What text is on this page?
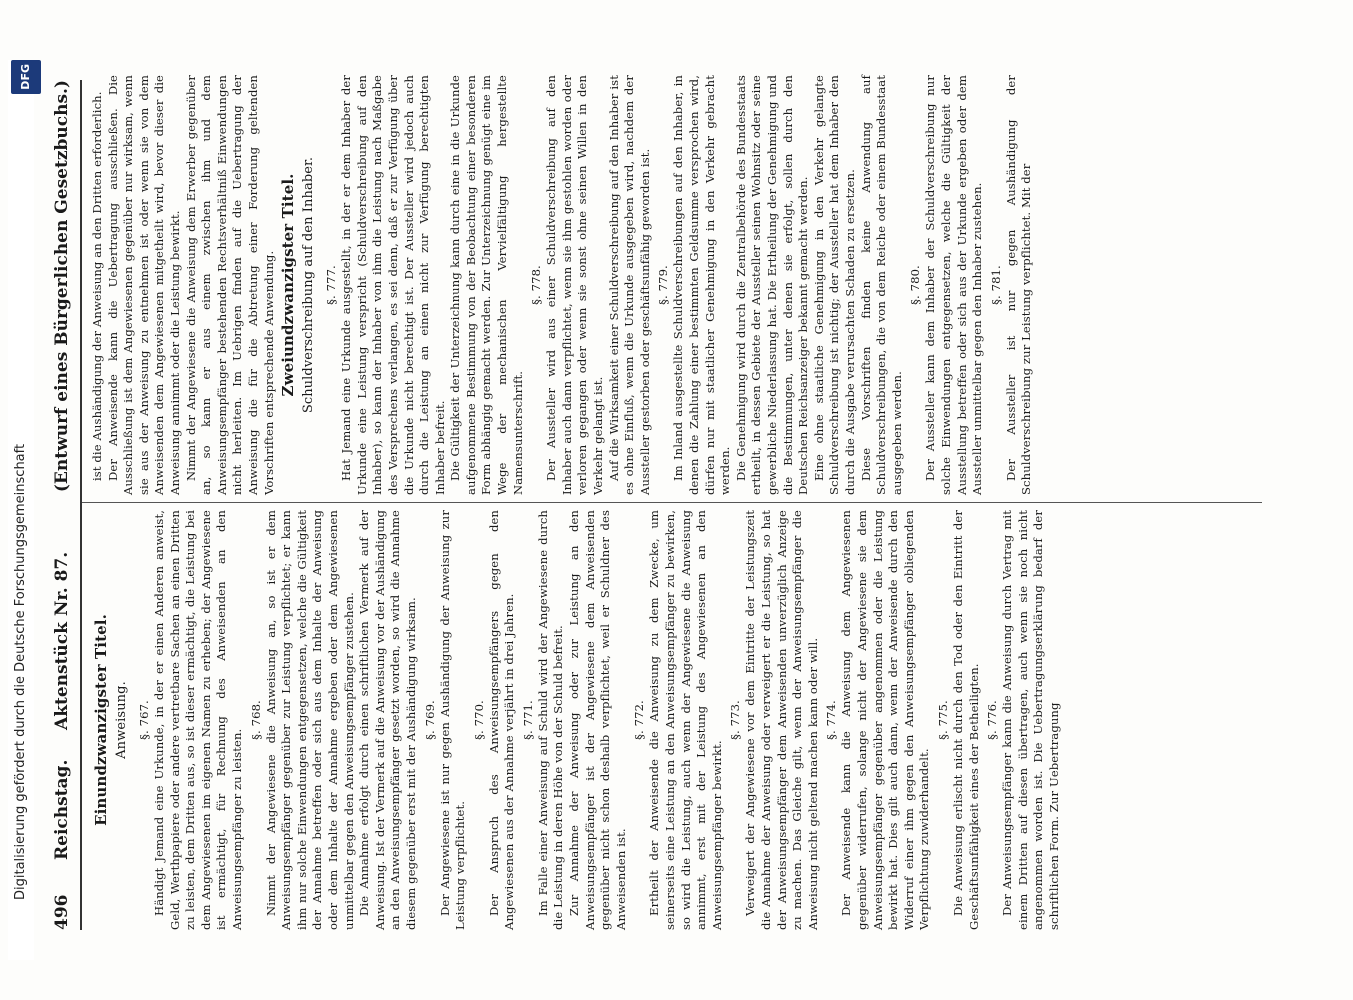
Digitalisierung gefördert durch die Deutsche Forschungsgemeinschaft
DFG
496
Reichstag.
Aktenstück Nr. 87.
(Entwurf eines Bürgerlichen Gesetzbuchs.)
Einundzwanzigster Titel. Anweisung. §. 767. Händigt Jemand eine Urkunde, in der er einen Anderen anweist, Geld, Werthpapiere oder andere vertretbare Sachen an einen Dritten zu leisten, dem Dritten aus, so ist dieser ermächtigt, die Leistung bei dem Angewiesenen im eigenen Namen zu erheben; der Angewiesene ist ermächtigt, für Rechnung des Anweisenden an den Anweisungsempfänger zu leisten.

§. 768. Nimmt der Angewiesene die Anweisung an, so ist er dem Anweisungsempfänger gegenüber zur Leistung verpflichtet; er kann ihm nur solche Einwendungen entgegensetzen, welche die Gültigkeit der Annahme betreffen oder sich aus dem Inhalte der Anweisung oder dem Inhalte der Annahme ergeben oder dem Angewiesenen unmittelbar gegen den Anweisungsempfänger zustehen. Die Annahme erfolgt durch einen schriftlichen Vermerk auf der Anweisung. Ist der Vermerk auf die Anweisung vor der Aushändigung an den Anweisungsempfänger gesetzt worden, so wird die Annahme diesem gegenüber erst mit der Aushändigung wirksam. §. 769. Der Angewiesene ist nur gegen Aushändigung der Anweisung zur Leistung verpflichtet.

§. 770. Der Anspruch des Anweisungsempfängers gegen den Angewiesenen aus der Annahme verjährt in drei Jahren. §. 771. Im Falle einer Anweisung auf Schuld wird der Angewiesene durch die Leistung in deren Höhe von der Schuld befreit. Zur Annahme der Anweisung oder zur Leistung an den Anweisungsempfänger ist der Angewiesene dem Anweisenden gegenüber nicht schon deshalb verpflichtet, weil er Schuldner des Anweisenden ist.

§. 772. Ertheilt der Anweisende die Anweisung zu dem Zwecke, um seinerseits eine Leistung an den Anweisungsempfänger zu bewirken, so wird die Leistung, auch wenn der Angewiesene die Anweisung annimmt, erst mit der Leistung des Angewiesenen an den Anweisungsempfänger bewirkt.

§. 773. Verweigert der Angewiesene vor dem Eintritte der Leistungszeit die Annahme der Anweisung oder verweigert er die Leistung, so hat der Anweisungsempfänger dem Anweisenden unverzüglich Anzeige zu machen. Das Gleiche gilt, wenn der Anweisungsempfänger die Anweisung nicht geltend machen kann oder will. §. 774. Der Anweisende kann die Anweisung dem Angewiesenen gegenüber widerrufen, solange nicht der Angewiesene sie dem Anweisungsempfänger gegenüber angenommen oder die Leistung bewirkt hat. Dies gilt auch dann, wenn der Anweisende durch den Widerruf einer ihm gegen den Anweisungsempfänger obliegenden Verpflichtung zuwiderhandelt.

§. 775. Die Anweisung erlischt nicht durch den Tod oder den Eintritt der Geschäftsunfähigkeit eines der Betheiligten. §. 776. Der Anweisungsempfänger kann die Anweisung durch Vertrag mit einem Dritten auf diesen übertragen, auch wenn sie noch nicht angenommen worden ist. Die Uebertragungserklärung bedarf der schriftlichen Form. Zur Uebertragung

ist die Aushändigung der Anweisung an den Dritten erforderlich. Der Anweisende kann die Uebertragung ausschließen. Die Ausschließung ist dem Angewiesenen gegenüber nur wirksam, wenn sie aus der Anweisung zu entnehmen ist oder wenn sie von dem Anweisenden dem Angewiesenen mitgetheilt wird, bevor dieser die Anweisung annimmt oder die Leistung bewirkt. Nimmt der Angewiesene die Anweisung dem Erwerber gegenüber an, so kann er aus einem zwischen ihm und dem Anweisungsempfänger bestehenden Rechtsverhältniß Einwendungen nicht herleiten. Im Uebrigen finden auf die Uebertragung der Anweisung die für die Abtretung einer Forderung geltenden Vorschriften entsprechende Anwendung. Zweiundzwanzigster Titel. Schuldverschreibung auf den Inhaber. §. 777. Hat Jemand eine Urkunde ausgestellt, in der er dem Inhaber der Urkunde eine Leistung verspricht (Schuldverschreibung auf den Inhaber), so kann der Inhaber von ihm die Leistung nach Maßgabe des Versprechens verlangen, es sei denn, daß er zur Verfügung über die Urkunde nicht berechtigt ist. Der Aussteller wird jedoch auch durch die Leistung an einen nicht zur Verfügung berechtigten Inhaber befreit. Die Gültigkeit der Unterzeichnung kann durch eine in die Urkunde aufgenommene Bestimmung von der Beobachtung einer besonderen Form abhängig gemacht werden. Zur Unterzeichnung genügt eine im Wege der mechanischen Vervielfältigung hergestellte Namensunterschrift.

§. 778. Der Aussteller wird aus einer Schuldverschreibung auf den Inhaber auch dann verpflichtet, wenn sie ihm gestohlen worden oder verloren gegangen oder wenn sie sonst ohne seinen Willen in den Verkehr gelangt ist. Auf die Wirksamkeit einer Schuldverschreibung auf den Inhaber ist es ohne Einfluß, wenn die Urkunde ausgegeben wird, nachdem der Aussteller gestorben oder geschäftsunfähig geworden ist. §. 779. Im Inland ausgestellte Schuldverschreibungen auf den Inhaber, in denen die Zahlung einer bestimmten Geldsumme versprochen wird, dürfen nur mit staatlicher Genehmigung in den Verkehr gebracht werden. Die Genehmigung wird durch die Zentralbehörde des Bundesstaats ertheilt, in dessen Gebiete der Aussteller seinen Wohnsitz oder seine gewerbliche Niederlassung hat. Die Ertheilung der Genehmigung und die Bestimmungen, unter denen sie erfolgt, sollen durch den Deutschen Reichsanzeiger bekannt gemacht werden. Eine ohne staatliche Genehmigung in den Verkehr gelangte Schuldverschreibung ist nichtig; der Aussteller hat dem Inhaber den durch die Ausgabe verursachten Schaden zu ersetzen. Diese Vorschriften finden keine Anwendung auf Schuldverschreibungen, die von dem Reiche oder einem Bundesstaat ausgegeben werden.

§. 780. Der Aussteller kann dem Inhaber der Schuldverschreibung nur solche Einwendungen entgegensetzen, welche die Gültigkeit der Ausstellung betreffen oder sich aus der Urkunde ergeben oder dem Aussteller unmittelbar gegen den Inhaber zustehen. §. 781. Der Aussteller ist nur gegen Aushändigung der Schuldverschreibung zur Leistung verpflichtet. Mit der
